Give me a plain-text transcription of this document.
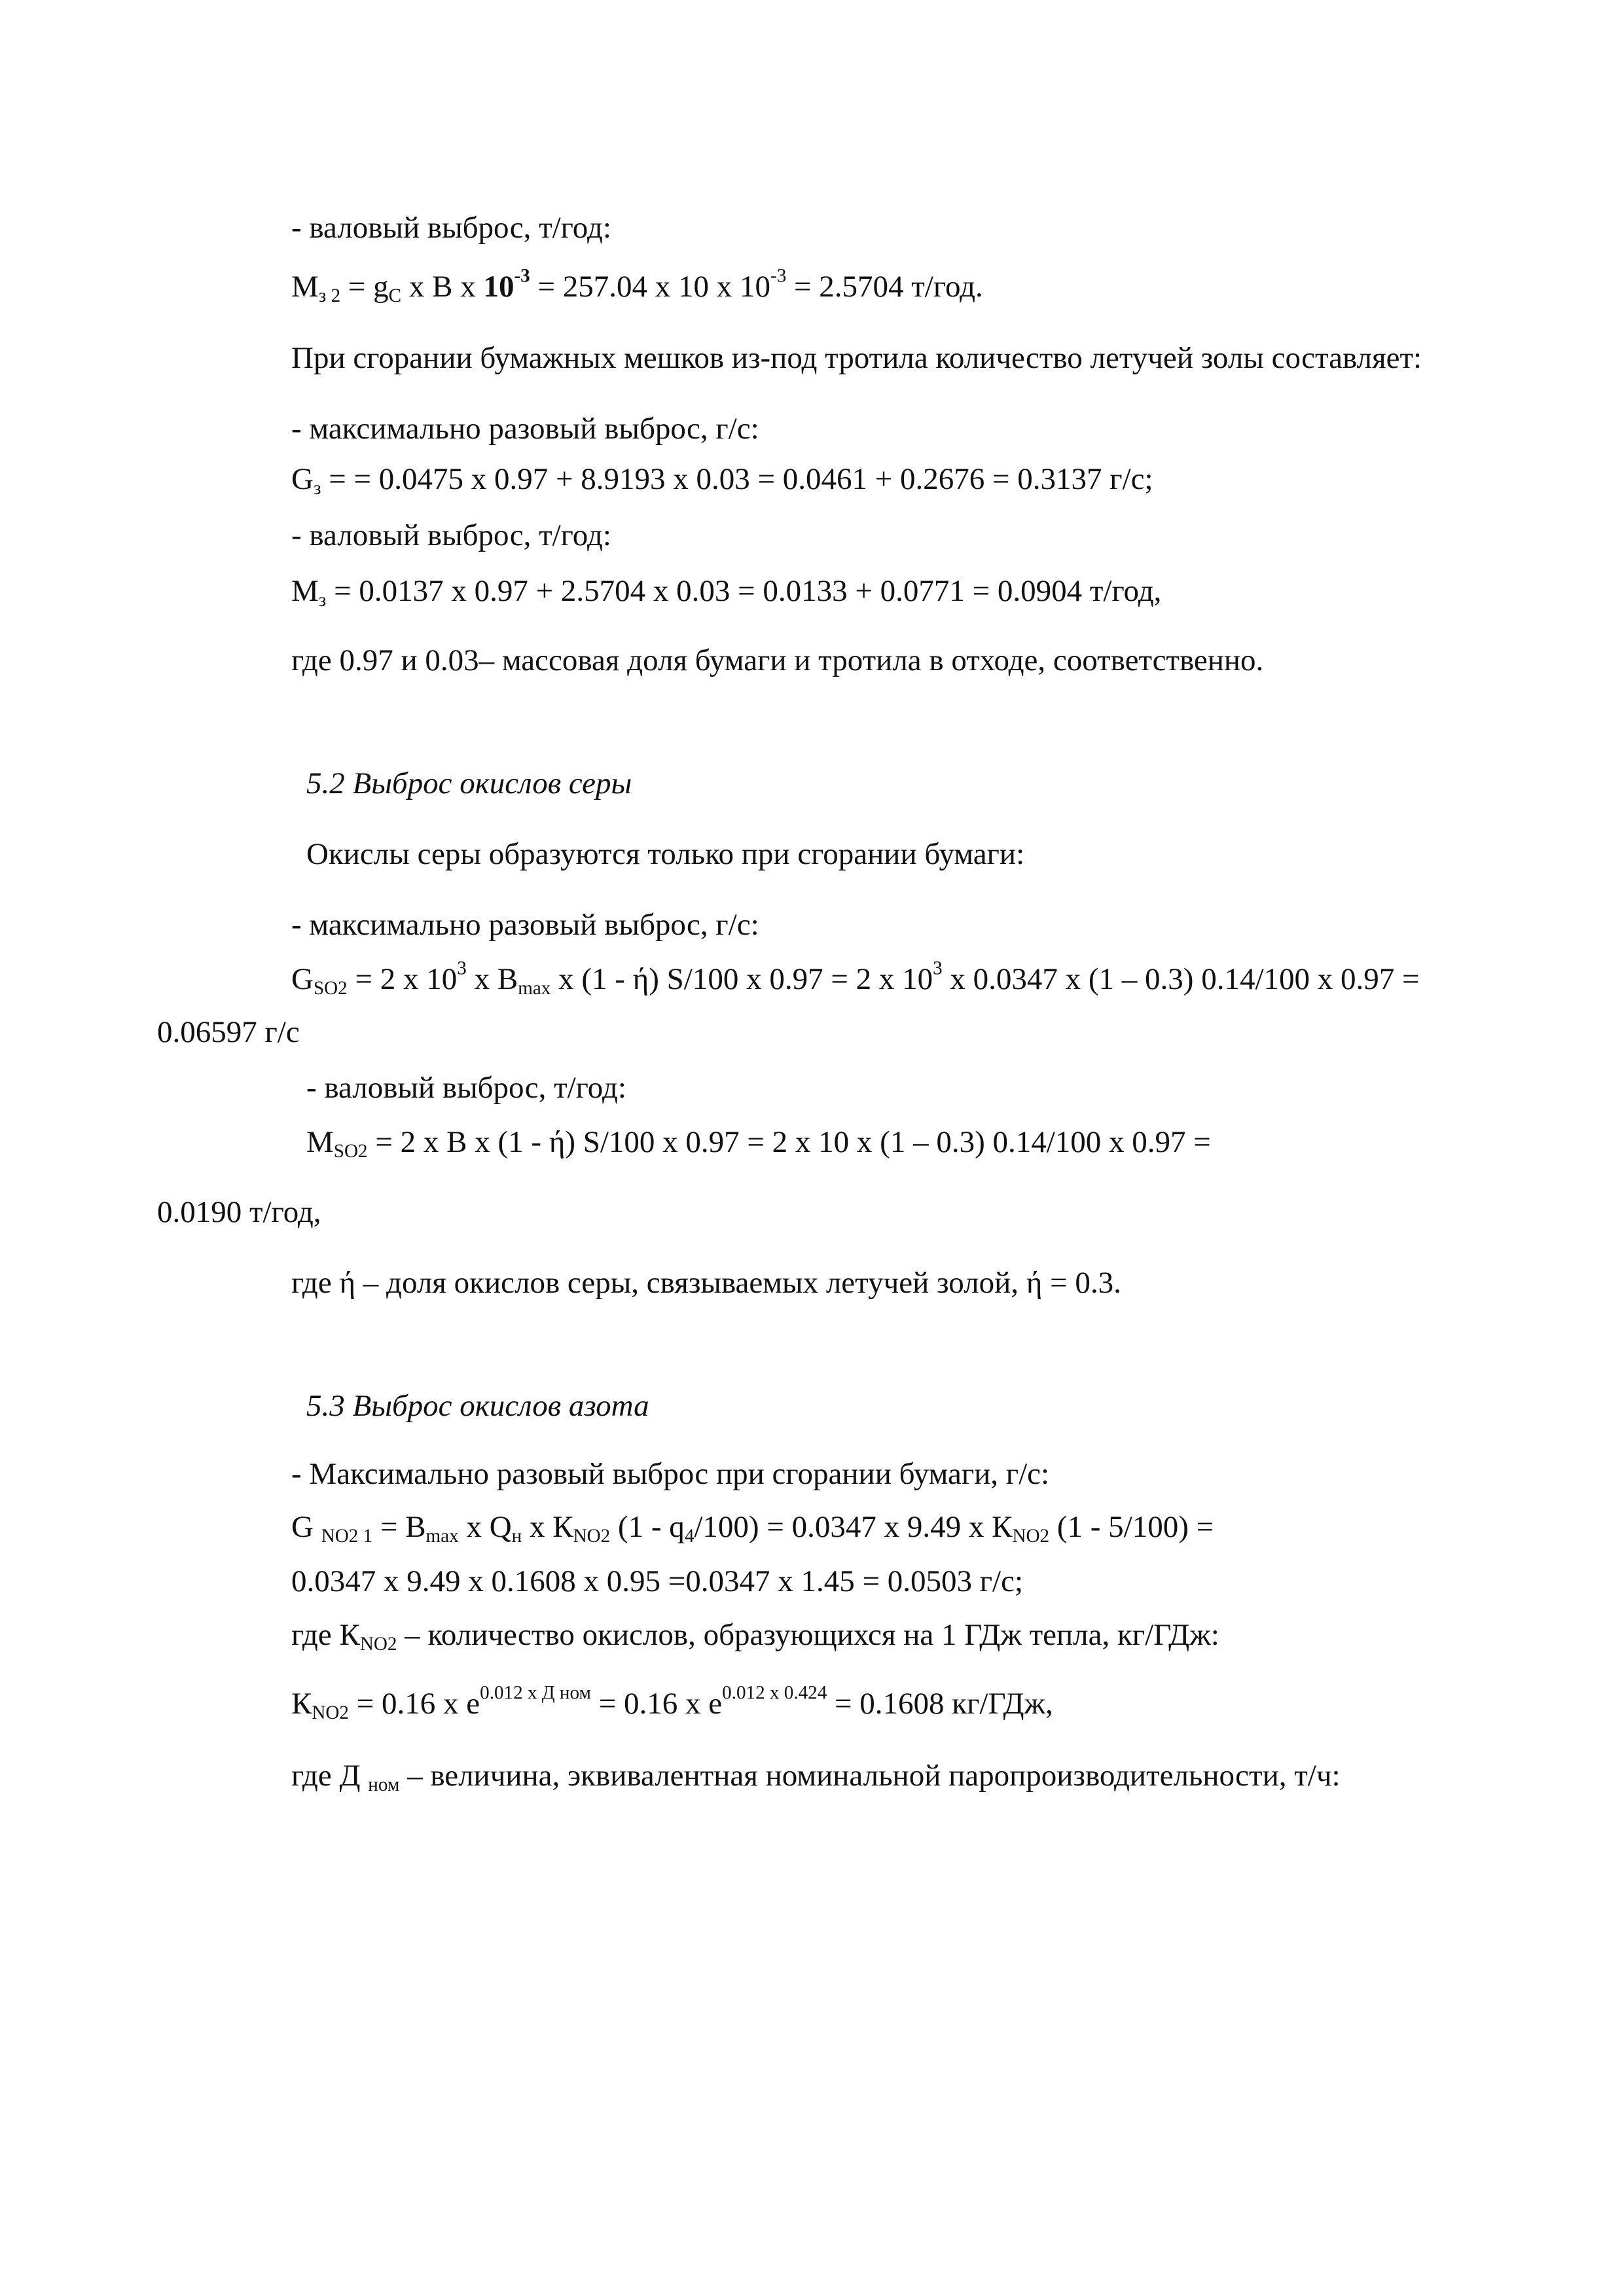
- валовый выброс, т/год:
$М_{з 2} = g_С$ х В х $10^{-3} = 257.04$ х 10 х $10^{-3} = 2.5704$ т/год.
При сгорании бумажных мешков из-под тротила количество летучей золы составляет:
- максимально разовый выброс, г/с:
$G_з$ = = 0.0475 х 0.97 + 8.9193 х 0.03 = 0.0461 + 0.2676 = 0.3137 г/с;
- валовый выброс, т/год:
$М_з = 0.0137$ х 0.97 + 2.5704 х 0.03 = 0.0133 + 0.0771 = 0.0904 т/год,
где 0.97 и 0.03– массовая доля бумаги и тротила в отходе, соответственно.
5.2 Выброс окислов серы
Окислы серы образуются только при сгорании бумаги:
- максимально разовый выброс, г/с:
$G_{SO2} = 2$ х $10^3$ х $В_{max}$ х (1 - ή) S/100 х 0.97 = 2 х $10^3$ х 0.0347 х (1 – 0.3) 0.14/100 х 0.97 =
0.06597 г/с
- валовый выброс, т/год:
$М_{SO2} = 2$ х В х (1 - ή) S/100 х 0.97 = 2 х 10 х (1 – 0.3) 0.14/100 х 0.97 =
0.0190 т/год,
где ή – доля окислов серы, связываемых летучей золой, ή = 0.3.
5.3 Выброс окислов азота
- Максимально разовый выброс при сгорании бумаги, г/с:
G $_{NO2 1} = В_{max}$ х $Q_н$ х $К_{NO2}$ $(1 - q_4/100) = 0.0347$ х 9.49 х $К_{NO2}$ (1 - 5/100) =
0.0347 х 9.49 х 0.1608 х 0.95 =0.0347 х 1.45 = 0.0503 г/с;
где $К_{NO2}$ – количество окислов, образующихся на 1 ГДж тепла, кг/ГДж:
$К_{NO2} = 0.16$ х $е^{0.012 х Д ном} = 0.16$ х $е^{0.012 х 0.424} = 0.1608$ кг/ГДж,
где Д $_{ном}$ – величина, эквивалентная номинальной паропроизводительности, т/ч:
